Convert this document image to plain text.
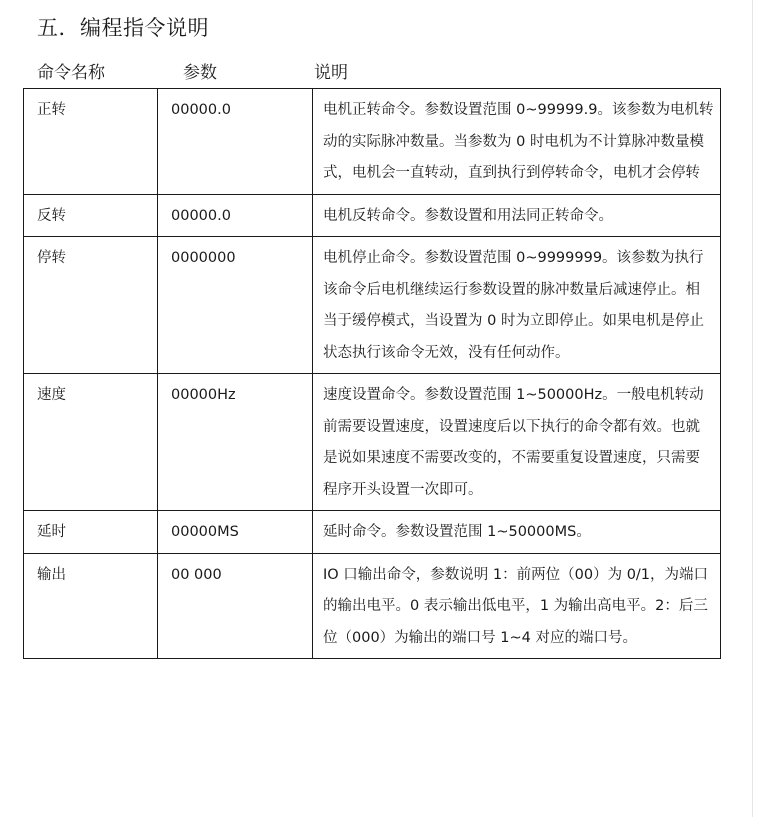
五．编程指令说明
命令名称	参数	说明
正转	00000.0	电机正转命令。参数设置范围 0~99999.9。该参数为电机转动的实际脉冲数量。当参数为 0 时电机为不计算脉冲数量模式，电机会一直转动，直到执行到停转命令，电机才会停转
反转	00000.0	电机反转命令。参数设置和用法同正转命令。
停转	0000000	电机停止命令。参数设置范围 0~9999999。该参数为执行该命令后电机继续运行参数设置的脉冲数量后减速停止。相当于缓停模式，当设置为 0 时为立即停止。如果电机是停止状态执行该命令无效，没有任何动作。
速度	00000Hz	速度设置命令。参数设置范围 1~50000Hz。一般电机转动前需要设置速度，设置速度后以下执行的命令都有效。也就是说如果速度不需要改变的，不需要重复设置速度，只需要程序开头设置一次即可。
延时	00000MS	延时命令。参数设置范围 1~50000MS。
输出	00 000	IO 口输出命令，参数说明 1：前两位（00）为 0/1，为端口的输出电平。0 表示输出低电平，1 为输出高电平。2：后三位（000）为输出的端口号 1~4 对应的端口号。
